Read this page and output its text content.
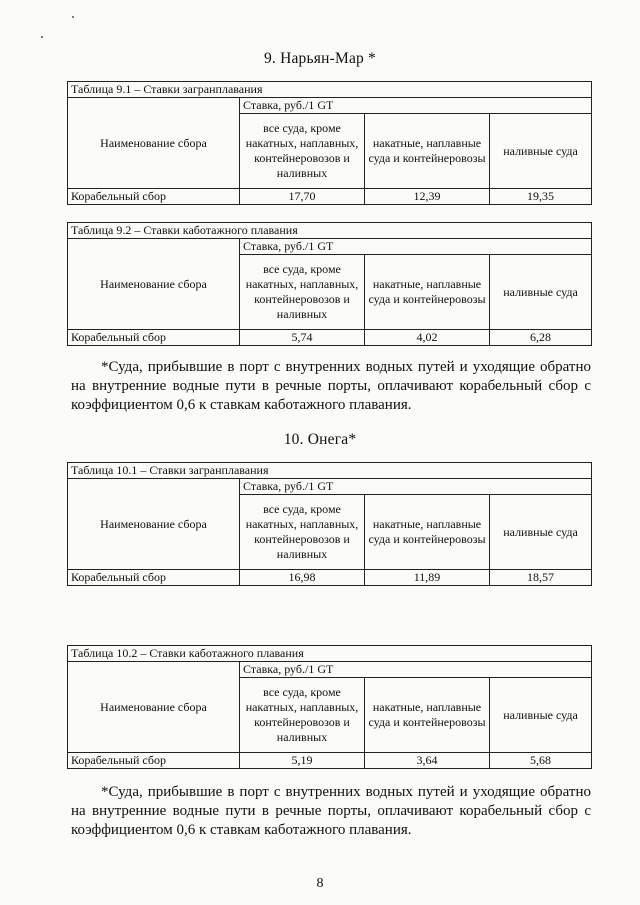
9. Нарьян-Мар *
Таблица 9.1 – Ставки загранплавания			
Наименование сбора	Ставка, руб./1 GT		
	все суда, кроме накатных, наплавных, контейнеровозов и наливных	накатные, наплавные суда и контейнеровозы	наливные суда
Корабельный сбор	17,70	12,39	19,35
Таблица 9.2 – Ставки каботажного плавания			
Наименование сбора	Ставка, руб./1 GT		
	все суда, кроме накатных, наплавных, контейнеровозов и наливных	накатные, наплавные суда и контейнеровозы	наливные суда
Корабельный сбор	5,74	4,02	6,28

*Суда, прибывшие в порт с внутренних водных путей и уходящие обратно на внутренние водные пути в речные порты, оплачивают корабельный сбор с коэффициентом 0,6 к ставкам каботажного плавания.

10. Онега*
Таблица 10.1 – Ставки загранплавания			
Наименование сбора	Ставка, руб./1 GT		
	все суда, кроме накатных, наплавных, контейнеровозов и наливных	накатные, наплавные суда и контейнеровозы	наливные суда
Корабельный сбор	16,98	11,89	18,57
Таблица 10.2 – Ставки каботажного плавания			
Наименование сбора	Ставка, руб./1 GT		
	все суда, кроме накатных, наплавных, контейнеровозов и наливных	накатные, наплавные суда и контейнеровозы	наливные суда
Корабельный сбор	5,19	3,64	5,68

*Суда, прибывшие в порт с внутренних водных путей и уходящие обратно на внутренние водные пути в речные порты, оплачивают корабельный сбор с коэффициентом 0,6 к ставкам каботажного плавания.

8
